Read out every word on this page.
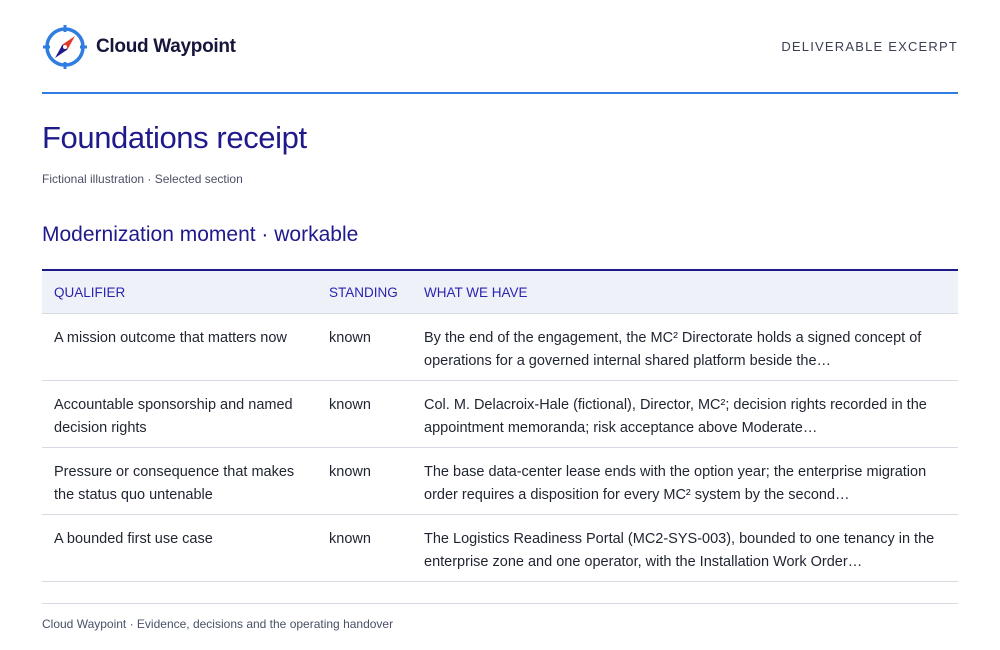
Cloud Waypoint	DELIVERABLE EXCERPT
Foundations receipt
Fictional illustration · Selected section
Modernization moment · workable
QUALIFIER	STANDING	WHAT WE HAVE
A mission outcome that matters now	known	By the end of the engagement, the MC² Directorate holds a signed concept of operations for a governed internal shared platform beside the…
Accountable sponsorship and named decision rights	known	Col. M. Delacroix-Hale (fictional), Director, MC²; decision rights recorded in the appointment memoranda; risk acceptance above Moderate…
Pressure or consequence that makes the status quo untenable	known	The base data-center lease ends with the option year; the enterprise migration order requires a disposition for every MC² system by the second…
A bounded first use case	known	The Logistics Readiness Portal (MC2-SYS-003), bounded to one tenancy in the enterprise zone and one operator, with the Installation Work Order…
Cloud Waypoint · Evidence, decisions and the operating handover
